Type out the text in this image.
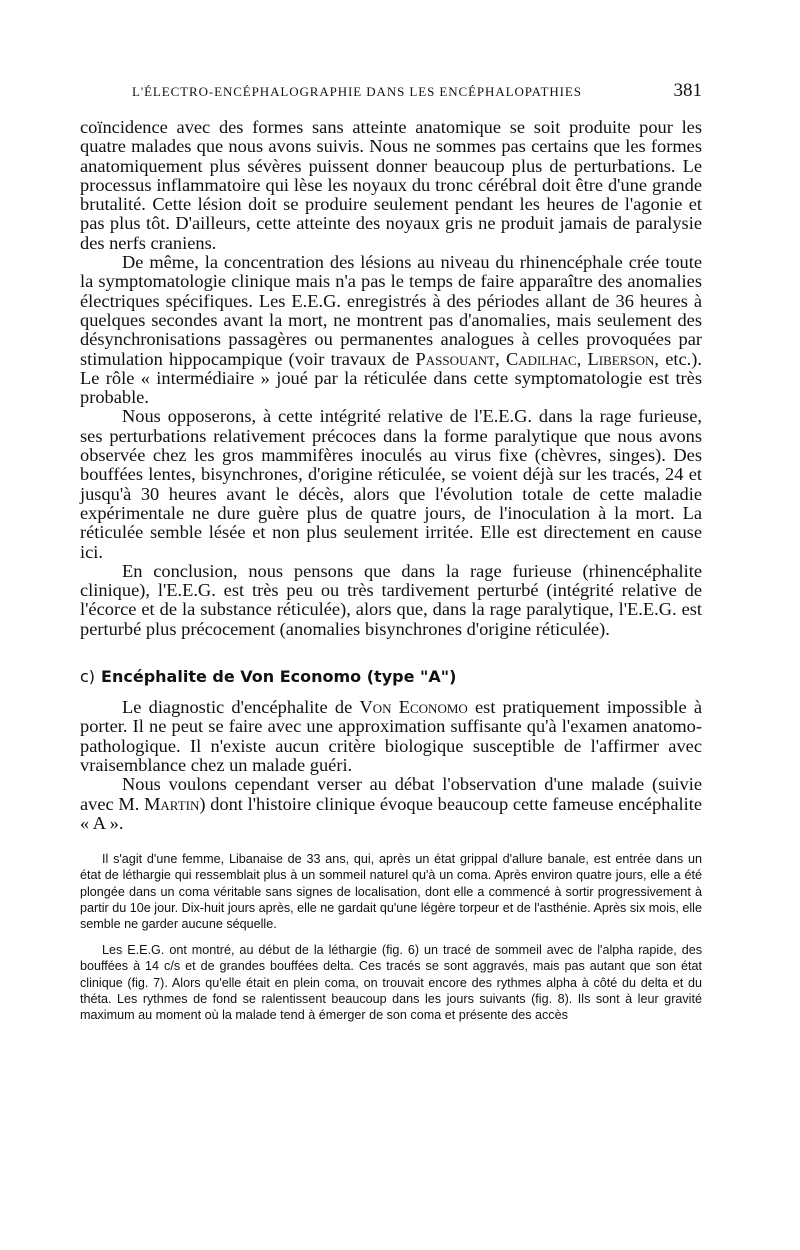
L'ÉLECTRO-ENCÉPHALOGRAPHIE DANS LES ENCÉPHALOPATHIES	381

coïncidence avec des formes sans atteinte anatomique se soit produite pour les quatre malades que nous avons suivis. Nous ne sommes pas certains que les formes anatomiquement plus sévères puissent donner beaucoup plus de perturbations. Le processus inflammatoire qui lèse les noyaux du tronc cérébral doit être d'une grande brutalité. Cette lésion doit se produire seulement pendant les heures de l'agonie et pas plus tôt. D'ailleurs, cette atteinte des noyaux gris ne produit jamais de paralysie des nerfs craniens.

De même, la concentration des lésions au niveau du rhinencéphale crée toute la symptomatologie clinique mais n'a pas le temps de faire apparaître des anomalies électriques spécifiques. Les E.E.G. enregistrés à des périodes allant de 36 heures à quelques secondes avant la mort, ne montrent pas d'anomalies, mais seulement des désynchronisations passagères ou permanentes analogues à celles provoquées par stimulation hippocampique (voir travaux de Passouant, Cadilhac, Liberson, etc.). Le rôle « intermédiaire » joué par la réticulée dans cette symptomatologie est très probable.

Nous opposerons, à cette intégrité relative de l'E.E.G. dans la rage furieuse, ses perturbations relativement précoces dans la forme paralytique que nous avons observée chez les gros mammifères inoculés au virus fixe (chèvres, singes). Des bouffées lentes, bisynchrones, d'origine réticulée, se voient déjà sur les tracés, 24 et jusqu'à 30 heures avant le décès, alors que l'évolution totale de cette maladie expérimentale ne dure guère plus de quatre jours, de l'inoculation à la mort. La réticulée semble lésée et non plus seulement irritée. Elle est directement en cause ici.

En conclusion, nous pensons que dans la rage furieuse (rhinencéphalite clinique), l'E.E.G. est très peu ou très tardivement perturbé (intégrité relative de l'écorce et de la substance réticulée), alors que, dans la rage paralytique, l'E.E.G. est perturbé plus précocement (anomalies bisynchrones d'origine réticulée).

c) Encéphalite de Von Economo (type "A")

Le diagnostic d'encéphalite de Von Economo est pratiquement impossible à porter. Il ne peut se faire avec une approximation suffisante qu'à l'examen anatomo-pathologique. Il n'existe aucun critère biologique susceptible de l'affirmer avec vraisemblance chez un malade guéri.

Nous voulons cependant verser au débat l'observation d'une malade (suivie avec M. Martin) dont l'histoire clinique évoque beaucoup cette fameuse encéphalite « A ».

Il s'agit d'une femme, Libanaise de 33 ans, qui, après un état grippal d'allure banale, est entrée dans un état de léthargie qui ressemblait plus à un sommeil naturel qu'à un coma. Après environ quatre jours, elle a été plongée dans un coma véritable sans signes de localisation, dont elle a commencé à sortir progressivement à partir du 10e jour. Dix-huit jours après, elle ne gardait qu'une légère torpeur et de l'asthénie. Après six mois, elle semble ne garder aucune séquelle.

Les E.E.G. ont montré, au début de la léthargie (fig. 6) un tracé de sommeil avec de l'alpha rapide, des bouffées à 14 c/s et de grandes bouffées delta. Ces tracés se sont aggravés, mais pas autant que son état clinique (fig. 7). Alors qu'elle était en plein coma, on trouvait encore des rythmes alpha à côté du delta et du théta. Les rythmes de fond se ralentissent beaucoup dans les jours suivants (fig. 8). Ils sont à leur gravité maximum au moment où la malade tend à émerger de son coma et présente des accès
